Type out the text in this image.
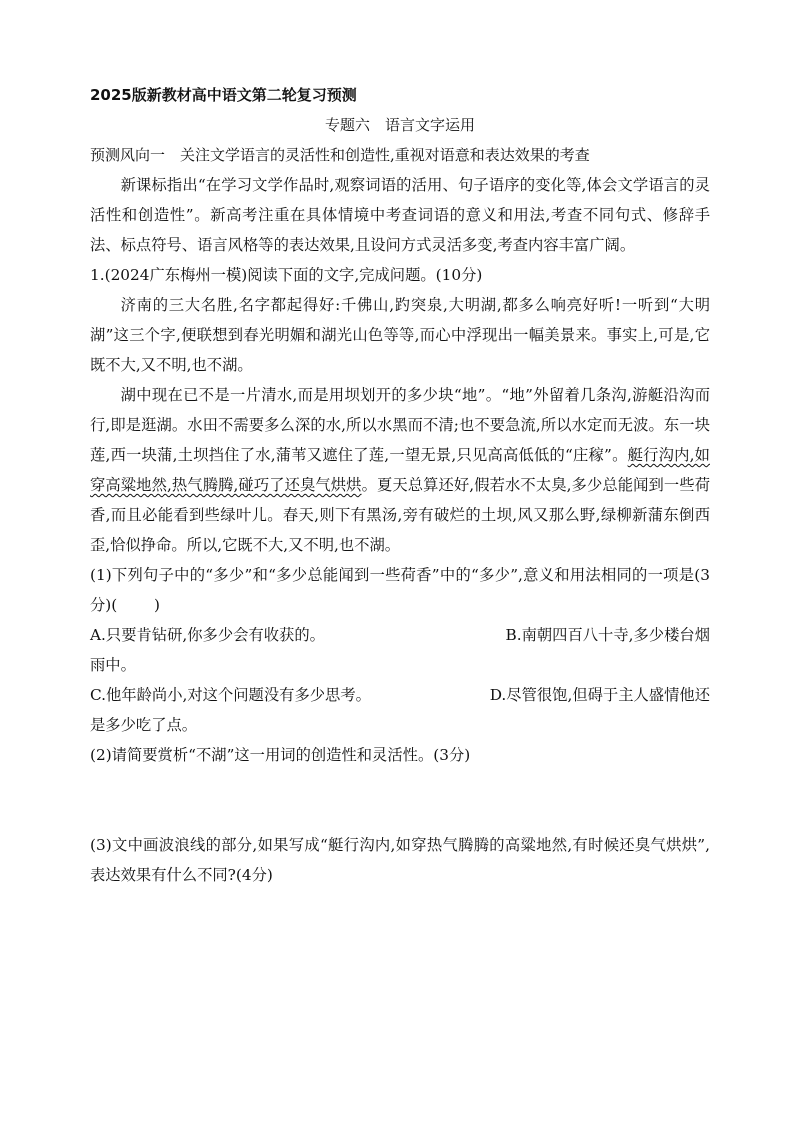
2025版新教材高中语文第二轮复习预测

专题六　语言文字运用

预测风向一　关注文学语言的灵活性和创造性,重视对语意和表达效果的考查

新课标指出“在学习文学作品时,观察词语的活用、句子语序的变化等,体会文学语言的灵活性和创造性”。新高考注重在具体情境中考查词语的意义和用法,考查不同句式、修辞手法、标点符号、语言风格等的表达效果,且设问方式灵活多变,考查内容丰富广阔。

1.(2024广东梅州一模)阅读下面的文字,完成问题。(10分)

济南的三大名胜,名字都起得好:千佛山,趵突泉,大明湖,都多么响亮好听!一听到“大明湖”这三个字,便联想到春光明媚和湖光山色等等,而心中浮现出一幅美景来。事实上,可是,它既不大,又不明,也不湖。

湖中现在已不是一片清水,而是用坝划开的多少块“地”。“地”外留着几条沟,游艇沿沟而行,即是逛湖。水田不需要多么深的水,所以水黑而不清;也不要急流,所以水定而无波。东一块莲,西一块蒲,土坝挡住了水,蒲苇又遮住了莲,一望无景,只见高高低低的“庄稼”。艇行沟内,如穿高粱地然,热气腾腾,碰巧了还臭气烘烘。夏天总算还好,假若水不太臭,多少总能闻到一些荷香,而且必能看到些绿叶儿。春天,则下有黑汤,旁有破烂的土坝,风又那么野,绿柳新蒲东倒西歪,恰似挣命。所以,它既不大,又不明,也不湖。

(1)下列句子中的“多少”和“多少总能闻到一些荷香”中的“多少”,意义和用法相同的一项是(3分)( )

A.只要肯钻研,你多少会有收获的。	B.南朝四百八十寺,多少楼台烟

雨中。

C.他年龄尚小,对这个问题没有多少思考。	D.尽管很饱,但碍于主人盛情他还

是多少吃了点。

(2)请简要赏析“不湖”这一用词的创造性和灵活性。(3分)

(3)文中画波浪线的部分,如果写成“艇行沟内,如穿热气腾腾的高粱地然,有时候还臭气烘烘”,表达效果有什么不同?(4分)
